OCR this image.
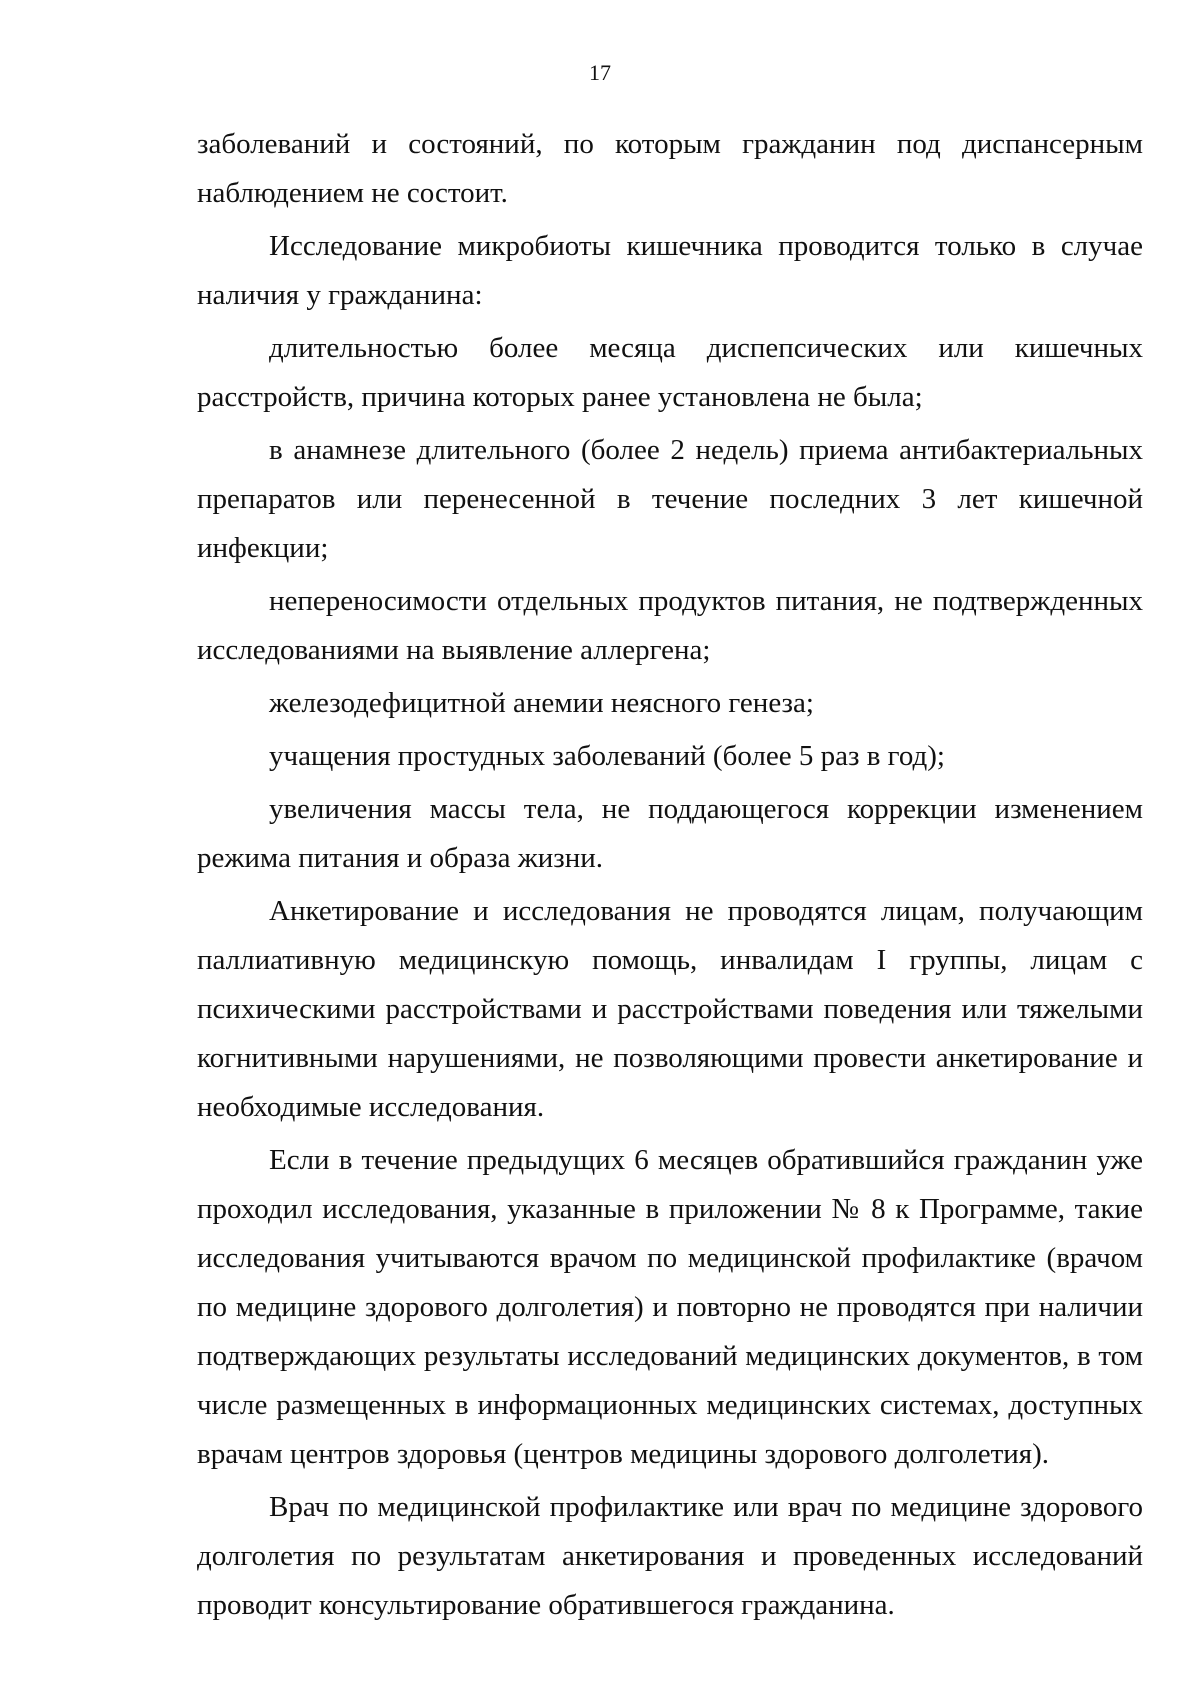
17

заболеваний и состояний, по которым гражданин под диспансерным наблюдением не состоит.

Исследование микробиоты кишечника проводится только в случае наличия у гражданина:

длительностью более месяца диспепсических или кишечных расстройств, причина которых ранее установлена не была;

в анамнезе длительного (более 2 недель) приема антибактериальных препаратов или перенесенной в течение последних 3 лет кишечной инфекции;

непереносимости отдельных продуктов питания, не подтвержденных исследованиями на выявление аллергена;

железодефицитной анемии неясного генеза;

учащения простудных заболеваний (более 5 раз в год);

увеличения массы тела, не поддающегося коррекции изменением режима питания и образа жизни.

Анкетирование и исследования не проводятся лицам, получающим паллиативную медицинскую помощь, инвалидам I группы, лицам с психическими расстройствами и расстройствами поведения или тяжелыми когнитивными нарушениями, не позволяющими провести анкетирование и необходимые исследования.

Если в течение предыдущих 6 месяцев обратившийся гражданин уже проходил исследования, указанные в приложении № 8 к Программе, такие исследования учитываются врачом по медицинской профилактике (врачом по медицине здорового долголетия) и повторно не проводятся при наличии подтверждающих результаты исследований медицинских документов, в том числе размещенных в информационных медицинских системах, доступных врачам центров здоровья (центров медицины здорового долголетия).

Врач по медицинской профилактике или врач по медицине здорового долголетия по результатам анкетирования и проведенных исследований проводит консультирование обратившегося гражданина.
